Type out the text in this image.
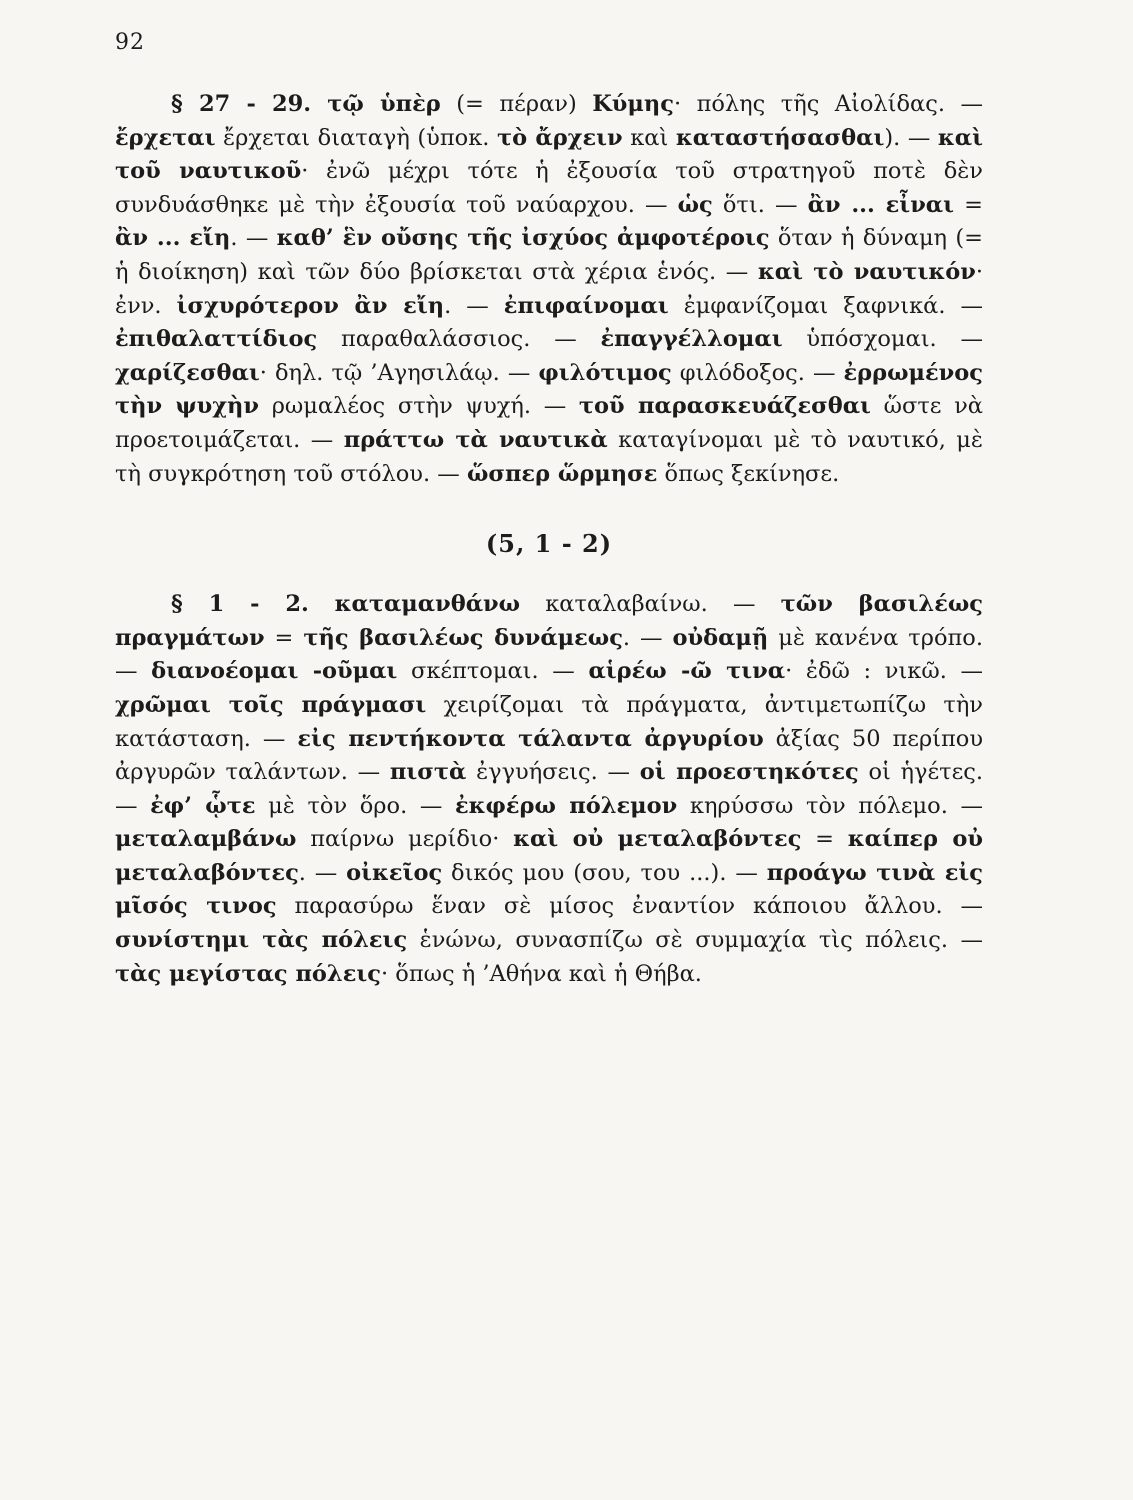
92

§ 27 - 29. τῷ ὑπὲρ (= πέραν) Κύμης· πόλης τῆς Αἰολίδας. — ἔρχεται ἔρχεται διαταγὴ (ὑποκ. τὸ ἄρχειν καὶ καταστήσασθαι). — καὶ τοῦ ναυτικοῦ· ἐνῶ μέχρι τότε ἡ ἐξουσία τοῦ στρατηγοῦ ποτὲ δὲν συνδυάσθηκε μὲ τὴν ἐξουσία τοῦ ναύαρχου. — ὡς ὅτι. — ἂν ... εἶναι = ἂν ... εἴη. — καθ’ ἓν οὔσης τῆς ἰσχύος ἀμφοτέροις ὅταν ἡ δύναμη (= ἡ διοίκηση) καὶ τῶν δύο βρίσκεται στὰ χέρια ἑνός. — καὶ τὸ ναυτικόν· ἐνν. ἰσχυρότερον ἂν εἴη. — ἐπιφαίνομαι ἐμφανίζομαι ξαφνικά. — ἐπιθαλαττίδιος παραθαλάσσιος. — ἐπαγγέλλομαι ὑπόσχομαι. —χαρίζεσθαι· δηλ. τῷ ’Αγησιλάῳ. — φιλότιμος φιλόδοξος. — ἐρρωμένος τὴν ψυχὴν ρωμαλέος στὴν ψυχή. — τοῦ παρασκευάζεσθαι ὥστε νὰ προετοιμάζεται. — πράττω τὰ ναυτικὰ καταγίνομαι μὲ τὸ ναυτικό, μὲ τὴ συγκρότηση τοῦ στόλου. — ὥσπερ ὥρμησε ὅπως ξεκίνησε.

(5, 1 - 2)

§ 1 - 2. καταμανθάνω καταλαβαίνω. — τῶν βασιλέως πραγμάτων = τῆς βασιλέως δυνάμεως. — οὐδαμῇ μὲ κανένα τρόπο. — διανοέομαι -οῦμαι σκέπτομαι. — αἱρέω -ῶ τινα· ἐδῶ : νικῶ. — χρῶμαι τοῖς πράγμασι χειρίζομαι τὰ πράγματα, ἀντιμετωπίζω τὴν κατάσταση. — εἰς πεντήκοντα τάλαντα ἀργυρίου ἀξίας 50 περίπου ἀργυρῶν ταλάντων. — πιστὰ ἐγγυήσεις. — οἱ προεστηκότες οἱ ἡγέτες. — ἐφ’ ᾧτε μὲ τὸν ὅρο. — ἐκφέρω πόλεμον κηρύσσω τὸν πόλεμο. — μεταλαμβάνω παίρνω μερίδιο· καὶ οὐ μεταλαβόντες = καίπερ οὐ μεταλαβόντες. — οἰκεῖος δικός μου (σου, του ...). — προάγω τινὰ εἰς μῖσός τινος παρασύρω ἕναν σὲ μίσος ἐναντίον κάποιου ἄλλου. — συνίστημι τὰς πόλεις ἑνώνω, συνασπίζω σὲ συμμαχία τὶς πόλεις. — τὰς μεγίστας πόλεις· ὅπως ἡ ’Αθήνα καὶ ἡ Θήβα.
